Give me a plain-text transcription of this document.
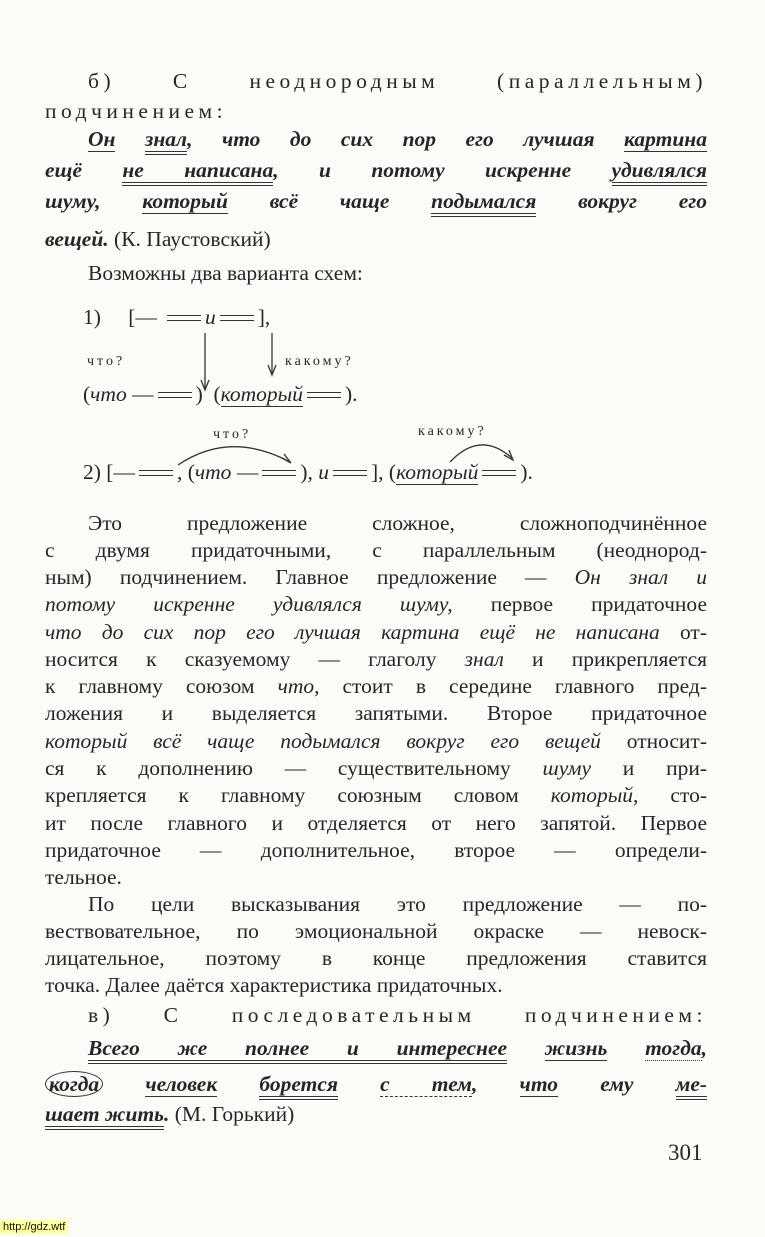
б) С неоднородным (параллельным)
подчинением:
Он знал, что до сих пор его лучшая картина
ещё не написана, и потому искренне удивлялся
шуму, который всё чаще подымался вокруг его
вещей. (К. Паустовский)
Возможны два варианта схем:
Это предложение сложное, сложноподчинённое
с двумя придаточными, с параллельным (неоднород-
ным) подчинением. Главное предложение — Он знал и
потому искренне удивлялся шуму, первое придаточное
что до сих пор его лучшая картина ещё не написана от-
носится к сказуемому — глаголу знал и прикрепляется
к главному союзом что, стоит в середине главного пред-
ложения и выделяется запятыми. Второе придаточное
который всё чаще подымался вокруг его вещей относит-
ся к дополнению — существительному шуму и при-
крепляется к главному союзным словом который, сто-
ит после главного и отделяется от него запятой. Первое
придаточное — дополнительное, второе — определи-
тельное.
По цели высказывания это предложение — по-
вествовательное, по эмоциональной окраске — невоск-
лицательное, поэтому в конце предложения ставится
точка. Далее даётся характеристика придаточных.
в) С последовательным подчинением:
Всего же полнее и интереснее жизнь тогда,
когда человек борется с тем, что ему ме-
шает жить. (М. Горький)
1) [— и ],
что?	какому?
(что — )  (который ).
что?	какому?
2) [— , (что — ), и ], (который ).
301
http://gdz.wtf
